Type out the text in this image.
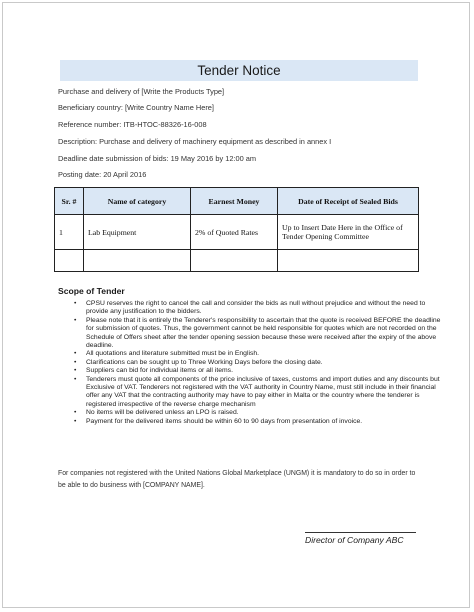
Tender Notice
Purchase and delivery of [Write the Products Type]
Beneficiary country: [Write Country Name Here]
Reference number: ITB-HTOC-88326-16-008
Description: Purchase and delivery of machinery equipment as described in annex I
Deadline date submission of bids: 19 May 2016 by 12:00 am
Posting date: 20 April 2016
Sr. #	Name of category	Earnest Money	Date of Receipt of Sealed Bids
1	Lab Equipment	2% of Quoted Rates	Up to Insert Date Here in the Office of Tender Opening Committee

Scope of Tender
• CPSU reserves the right to cancel the call and consider the bids as null without prejudice and without the need to provide any justification to the bidders.
• Please note that it is entirely the Tenderer's responsibility to ascertain that the quote is received BEFORE the deadline for submission of quotes. Thus, the government cannot be held responsible for quotes which are not recorded on the Schedule of Offers sheet after the tender opening session because these were received after the expiry of the above deadline.
• All quotations and literature submitted must be in English.
• Clarifications can be sought up to Three Working Days before the closing date.
• Suppliers can bid for individual items or all items.
• Tenderers must quote all components of the price inclusive of taxes, customs and import duties and any discounts but Exclusive of VAT. Tenderers not registered with the VAT authority in Country Name, must still include in their financial offer any VAT that the contracting authority may have to pay either in Malta or the country where the tenderer is registered irrespective of the reverse charge mechanism
• No items will be delivered unless an LPO is raised.
• Payment for the delivered items should be within 60 to 90 days from presentation of invoice.
For companies not registered with the United Nations Global Marketplace (UNGM) it is mandatory to do so in order to be able to do business with [COMPANY NAME].
Director of Company ABC
